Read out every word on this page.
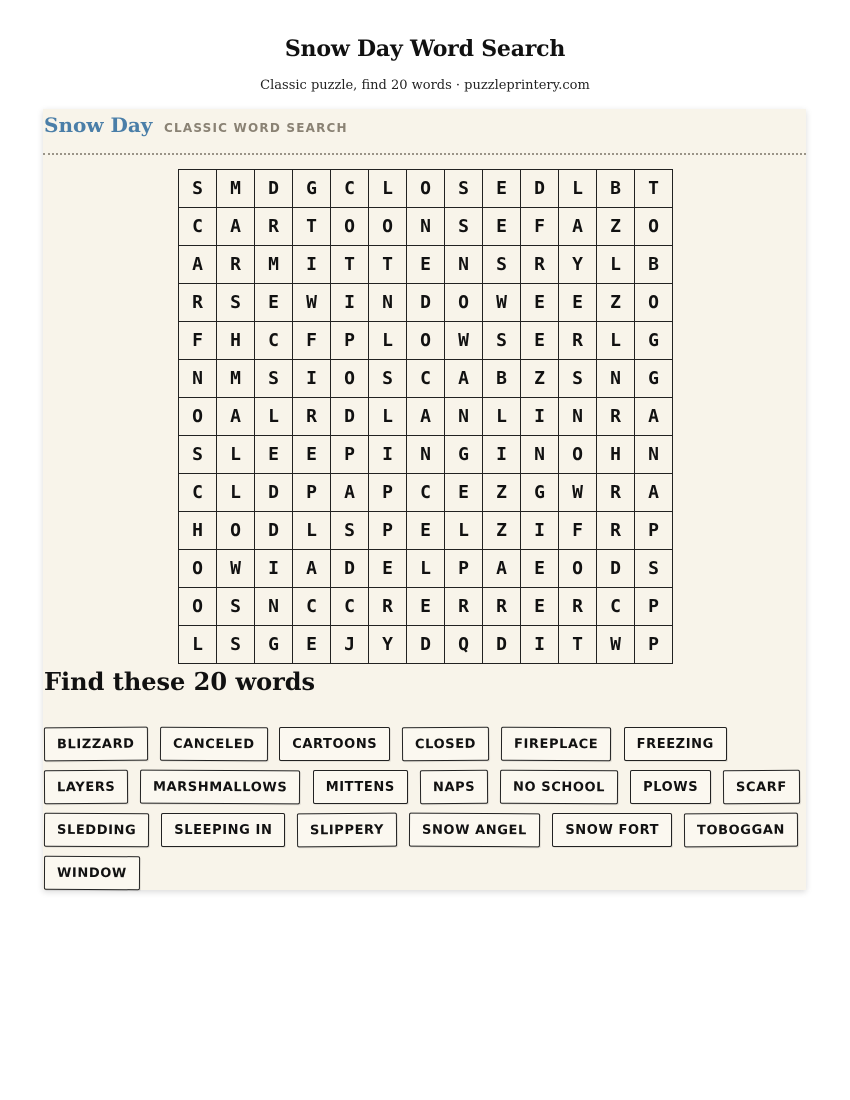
Snow Day Word Search
Classic puzzle, find 20 words · puzzleprintery.com
Snow Day CLASSIC WORD SEARCH
S	M	D	G	C	L	O	S	E	D	L	B	T
C	A	R	T	O	O	N	S	E	F	A	Z	O
A	R	M	I	T	T	E	N	S	R	Y	L	B
R	S	E	W	I	N	D	O	W	E	E	Z	O
F	H	C	F	P	L	O	W	S	E	R	L	G
N	M	S	I	O	S	C	A	B	Z	S	N	G
O	A	L	R	D	L	A	N	L	I	N	R	A
S	L	E	E	P	I	N	G	I	N	O	H	N
C	L	D	P	A	P	C	E	Z	G	W	R	A
H	O	D	L	S	P	E	L	Z	I	F	R	P
O	W	I	A	D	E	L	P	A	E	O	D	S
O	S	N	C	C	R	E	R	R	E	R	C	P
L	S	G	E	J	Y	D	Q	D	I	T	W	P
Find these 20 words
BLIZZARD	CANCELED	CARTOONS	CLOSED	FIREPLACE	FREEZING
LAYERS	MARSHMALLOWS	MITTENS	NAPS	NO SCHOOL	PLOWS	SCARF
SLEDDING	SLEEPING IN	SLIPPERY	SNOW ANGEL	SNOW FORT	TOBOGGAN
WINDOW
